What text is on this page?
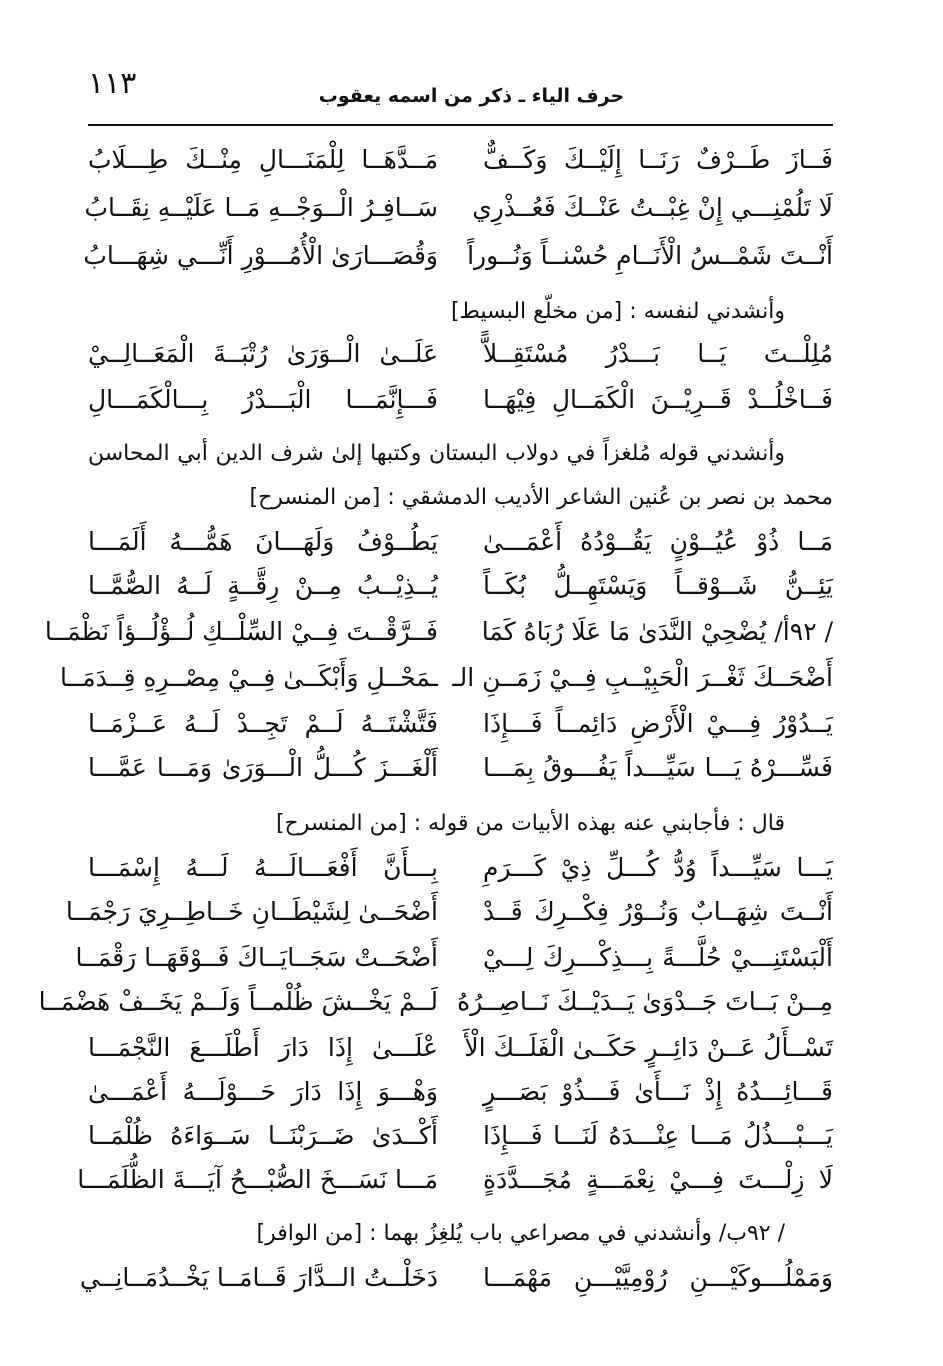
١١٣	حرف الياء ـ ذكر من اسمه يعقوب
فَــازَ طَــرْفٌ رَنَــا إِلَيْــكَ وَكَــفٌّ
مَــدَّهَــا لِلْمَنَـــالِ مِنْــكَ طِـــلَابُ
لَا تَلُمْنِـــي إِنْ غِبْــتُ عَنْــكَ فَعُــذْرِي
سَــافِـرُ الْــوَجْــهِ مَــا عَلَيْــهِ نِقَــابُ
أَنْــتَ شَمْــسُ الْأَنَــامِ حُسْنــاً وَنُــوراً
وَقُصَـــارَىٰ الْأُمُـــوْرِ أَنِّـــي شِهَـــابُ
وأنشدني لنفسه : [من مخلّع البسيط]
مُلِلْــتَ يَــا بَـــدْرُ مُسْتَقِــلاًّ
عَلَــىٰ الْــوَرَىٰ رُتْبَــةَ الْمَعَــالِــيْ
فَــاخْلُــدْ قَــرِيْــنَ الْكَمَــالِ فِيْهَــا
فَـــإِنَّمَـــا الْبَـــدْرُ بِـــالْكَمَـــالِ
وأنشدني قوله مُلغزاً في دولاب البستان وكتبها إلىٰ شرف الدين أبي المحاسن
محمد بن نصر بن عُنين الشاعر الأديب الدمشقي : [من المنسرح]
مَــا ذُوْ عُيُــوْنٍ يَقُــوْدُهُ أَعْمَـــىٰ
يَطُــوْفُ وَلَهَـــانَ هَمُّـــهُ أَلَمَـــا
يَئِــنُّ شَــوْقــاً وَيَسْتَهِــلُّ بُكَــاً
يُــذِيْــبُ مِــنْ رِقَّــةٍ لَــهُ الصُّمَّــا
/ ٩٢أ/ يُضْحِيْ النَّدَىٰ مَا عَلَا رُبَاهُ كَمَا
فَــرَّقْــتَ فِــيْ السِّلْــكِ لُــؤْلُــؤاً نَظْمَــا
أَضْحَــكَ ثَغْــرَ الْحَبِيْــبِ فِــيْ زَمَــنِ الـ
ـمَحْــلِ وَأَبْكَــىٰ فِــيْ مِصْــرِهِ قِــدَمَــا
يَــدُوْرُ فِـــيْ الْأَرْضِ دَائِمــاً فَـــإِذَا
فَتَّشْتَــهُ لَــمْ تَجِــدْ لَــهُ عَــزْمَــا
فَسِّـــرْهُ يَـــا سَيِّـــداً يَفُـــوقُ بِمَـــا
أَلْغَـــزَ كُـــلُّ الْـــوَرَىٰ وَمَـــا عَمَّـــا
قال : فأجابني عنه بهذه الأبيات من قوله : [من المنسرح]
يَـــا سَيِّـــداً وُدُّ كُـــلِّ ذِيْ كَـــرَمِ
بِـــأَنَّ أَفْعَـــالَـــهُ لَـــهُ إِسْمَـــا
أَنْــتَ شِهَــابٌ وَنُــوْرُ فِكْــرِكَ قَــدْ
أَضْحَــىٰ لِشَيْطَــانِ خَــاطِــرِيَ رَجْمَــا
أَلْبَسْتَنِـــيْ حُلَّـــةً بِـــذِكْـــرِكَ لِـــيْ
أَضْحَــتْ سَجَــايَــاكَ فَــوْقَهَــا رَقْمَــا
مِــنْ بَــاتَ جَــدْوَىٰ يَــدَيْــكَ نَــاصِــرُهُ
لَــمْ يَخْــشَ ظُلْمــاً وَلَــمْ يَخَــفْ هَضْمَــا
تَسْــأَلُ عَــنْ دَائِــرٍ حَكَــىٰ الْفَلَــكَ الْأَ
عْلَـــىٰ إِذَا دَارَ أَطْلَـــعَ النَّجْمَـــا
قَـــائِـــدُهُ إِذْ نَـــأَىٰ فَـــذُوْ بَصَـــرٍ
وَهْـــوَ إِذَا دَارَ حَـــوْلَـــهُ أَعْمَـــىٰ
يَـــبْـــذُلُ مَـــا عِنْـــدَهُ لَنَـــا فَـــإِذَا
أَكْــدَىٰ ضَــرَبْنَــا سَــوَاءَهُ ظُلْمَــا
لَا زِلْـــتَ فِـــيْ نِعْمَـــةٍ مُجَـــدَّدَةٍ
مَـــا نَسَـــخَ الصُّبْـــحُ آيَـــةَ الظُّلَمَـــا
/ ٩٢ب/ وأنشدني في مصراعي باب يُلغِزُ بهما : [من الوافر]
وَمَمْلُـــوكَيْـــنِ رُوْمِيَّيْـــنِ مَهْمَـــا
دَخَلْــتُ الــدَّارَ قَــامَــا يَخْــدُمَــانِــي
